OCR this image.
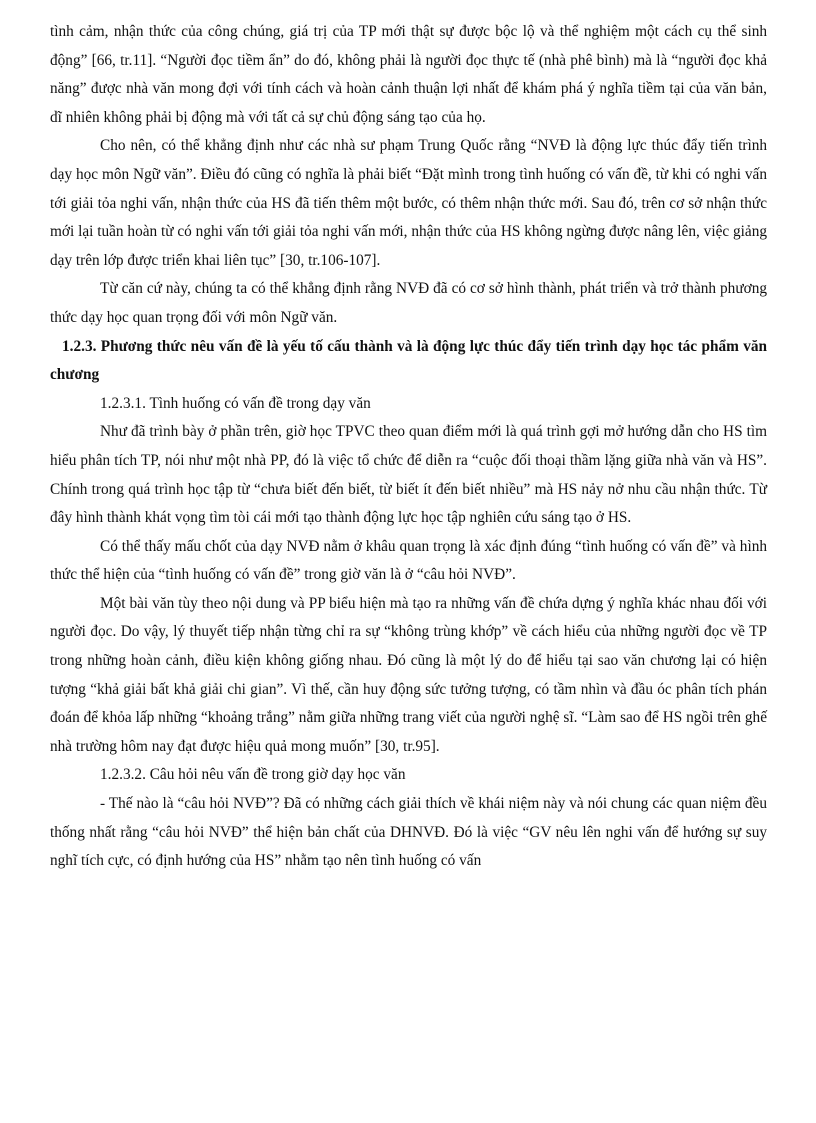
tình cảm, nhận thức của công chúng, giá trị của TP mới thật sự được bộc lộ và thể nghiệm một cách cụ thể sinh động” [66, tr.11]. “Người đọc tiềm ẩn” do đó, không phải là người đọc thực tế (nhà phê bình) mà là “người đọc khả năng” được nhà văn mong đợi với tính cách và hoàn cảnh thuận lợi nhất để khám phá ý nghĩa tiềm tại của văn bản, dĩ nhiên không phải bị động mà với tất cả sự chủ động sáng tạo của họ.

Cho nên, có thể khẳng định như các nhà sư phạm Trung Quốc rằng “NVĐ là động lực thúc đẩy tiến trình dạy học môn Ngữ văn”. Điều đó cũng có nghĩa là phải biết “Đặt mình trong tình huống có vấn đề, từ khi có nghi vấn tới giải tỏa nghi vấn, nhận thức của HS đã tiến thêm một bước, có thêm nhận thức mới. Sau đó, trên cơ sở nhận thức mới lại tuần hoàn từ có nghi vấn tới giải tỏa nghi vấn mới, nhận thức của HS không ngừng được nâng lên, việc giảng dạy trên lớp được triển khai liên tục” [30, tr.106-107].

Từ căn cứ này, chúng ta có thể khẳng định rằng NVĐ đã có cơ sở hình thành, phát triển và trở thành phương thức dạy học quan trọng đối với môn Ngữ văn.

1.2.3. Phương thức nêu vấn đề là yếu tố cấu thành và là động lực thúc đẩy tiến trình dạy học tác phẩm văn chương

1.2.3.1. Tình huống có vấn đề trong dạy văn

Như đã trình bày ở phần trên, giờ học TPVC theo quan điểm mới là quá trình gợi mở hướng dẫn cho HS tìm hiểu phân tích TP, nói như một nhà PP, đó là việc tổ chức để diễn ra “cuộc đối thoại thầm lặng giữa nhà văn và HS”. Chính trong quá trình học tập từ “chưa biết đến biết, từ biết ít đến biết nhiều” mà HS nảy nở nhu cầu nhận thức. Từ đây hình thành khát vọng tìm tòi cái mới tạo thành động lực học tập nghiên cứu sáng tạo ở HS.

Có thể thấy mấu chốt của dạy NVĐ nằm ở khâu quan trọng là xác định đúng “tình huống có vấn đề” và hình thức thể hiện của “tình huống có vấn đề” trong giờ văn là ở “câu hỏi NVĐ”.

Một bài văn tùy theo nội dung và PP biểu hiện mà tạo ra những vấn đề chứa dựng ý nghĩa khác nhau đối với người đọc. Do vậy, lý thuyết tiếp nhận từng chỉ ra sự “không trùng khớp” về cách hiểu của những người đọc về TP trong những hoàn cảnh, điều kiện không giống nhau. Đó cũng là một lý do để hiểu tại sao văn chương lại có hiện tượng “khả giải bất khả giải chi gian”. Vì thế, cần huy động sức tưởng tượng, có tầm nhìn và đầu óc phân tích phán đoán để khỏa lấp những “khoảng trắng” nằm giữa những trang viết của người nghệ sĩ. “Làm sao để HS ngồi trên ghế nhà trường hôm nay đạt được hiệu quả mong muốn” [30, tr.95].

1.2.3.2. Câu hỏi nêu vấn đề trong giờ dạy học văn

- Thế nào là “câu hỏi NVĐ”? Đã có những cách giải thích về khái niệm này và nói chung các quan niệm đều thống nhất rằng “câu hỏi NVĐ” thể hiện bản chất của DHNVĐ. Đó là việc “GV nêu lên nghi vấn để hướng sự suy nghĩ tích cực, có định hướng của HS” nhằm tạo nên tình huống có vấn
